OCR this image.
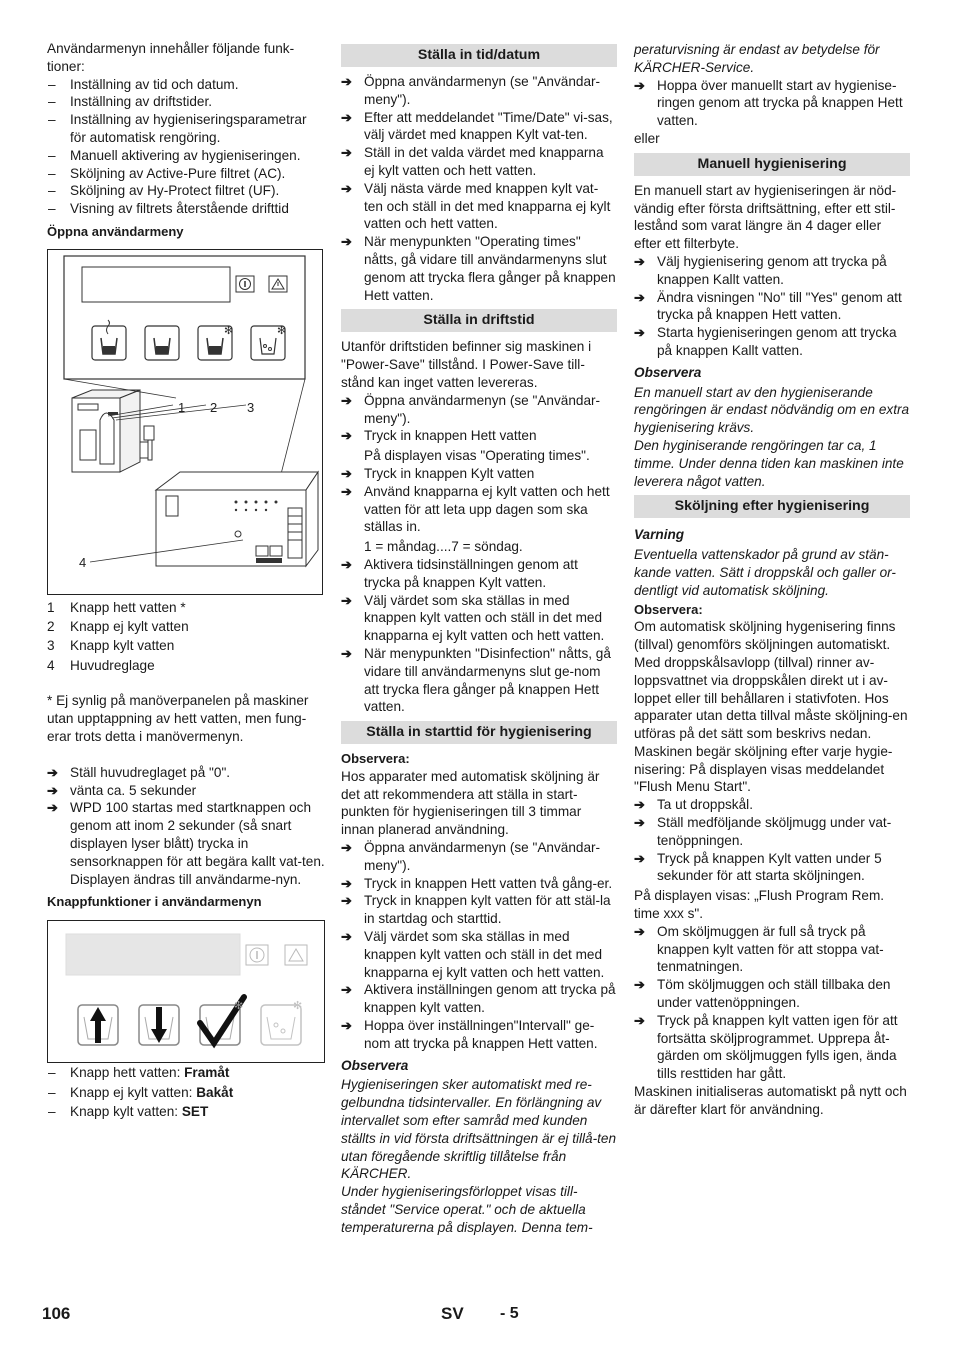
Användarmenyn innehåller följande funk-tioner:

– Inställning av tid och datum.
– Inställning av driftstider.
– Inställning av hygieniseringsparametrar för automatisk rengöring.
– Manuell aktivering av hygieniseringen.
– Sköljning av Active-Pure filtret (AC).
– Sköljning av Hy-Protect filtret (UF).
– Visning av filtrets återstående drifttid
Öppna användarmeny
✻	✻
1 2 3
4
1 Knapp hett vatten *
2 Knapp ej kylt vatten
3 Knapp kylt vatten
4 Huvudreglage

* Ej synlig på manöverpanelen på maskiner utan upptappning av hett vatten, men fung-erar trots detta i manövermenyn.

➔ Ställ huvudreglaget på "0".
➔ vänta ca. 5 sekunder
➔ WPD 100 startas med startknappen och genom att inom 2 sekunder (så snart displayen lyser blått) trycka in sensorknappen för att begära kallt vat-ten. Displayen ändras till användarme-nyn.
Knappfunktioner i användarmenyn
✻	✻
– Knapp hett vatten: Framåt
– Knapp ej kylt vatten: Bakåt
– Knapp kylt vatten: SET
Ställa in tid/datum
➔ Öppna användarmenyn (se "Användar-meny").
➔ Efter att meddelandet "Time/Date" vi-sas, välj värdet med knappen Kylt vat-ten.
➔ Ställ in det valda värdet med knapparna ej kylt vatten och hett vatten.
➔ Välj nästa värde med knappen kylt vat-ten och ställ in det med knapparna ej kylt vatten och hett vatten.
➔ När menypunkten "Operating times" nåtts, gå vidare till användarmenyns slut genom att trycka flera gånger på knappen Hett vatten.
Ställa in driftstid

Utanför driftstiden befinner sig maskinen i "Power-Save" tillstånd. I Power-Save till-stånd kan inget vatten levereras.

➔ Öppna användarmenyn (se "Användar-meny").
➔ Tryck in knappen Hett vatten
På displayen visas "Operating times".
➔ Tryck in knappen Kylt vatten
➔ Använd knapparna ej kylt vatten och hett vatten för att leta upp dagen som ska ställas in.
1 = måndag....7 = söndag.
➔ Aktivera tidsinställningen genom att trycka på knappen Kylt vatten.
➔ Välj värdet som ska ställas in med knappen kylt vatten och ställ in det med knapparna ej kylt vatten och hett vatten.
➔ När menypunkten "Disinfection" nåtts, gå vidare till användarmenyns slut ge-nom att trycka flera gånger på knappen Hett vatten.
Ställa in starttid för hygienisering
Observera:

Hos apparater med automatisk sköljning är det att rekommendera att ställa in start-punkten för hygieniseringen till 3 timmar innan planerad användning.

➔ Öppna användarmenyn (se "Användar-meny").
➔ Tryck in knappen Hett vatten två gång-er.
➔ Tryck in knappen kylt vatten för att stäl-la in startdag och starttid.
➔ Välj värdet som ska ställas in med knappen kylt vatten och ställ in det med knapparna ej kylt vatten och hett vatten.
➔ Aktivera inställningen genom att trycka på knappen kylt vatten.
➔ Hoppa över inställningen"Intervall" ge-nom att trycka på knappen Hett vatten.
Observera

Hygieniseringen sker automatiskt med re-gelbundna tidsintervaller. En förlängning av intervallet som efter samråd med kunden ställts in vid första driftsättningen är ej tillå-ten utan föregående skriftlig tillåtelse från KÄRCHER.

Under hygieniseringsförloppet visas till-ståndet "Service operat." och de aktuella temperaturerna på displayen. Denna tem-

peraturvisning är endast av betydelse för KÄRCHER-Service.

➔ Hoppa över manuellt start av hygienise-ringen genom att trycka på knappen Hett vatten.

eller

Manuell hygienisering

En manuell start av hygieniseringen är nöd-vändig efter första driftsättning, efter ett stil-lestånd som varat längre än 4 dager eller efter ett filterbyte.

➔ Välj hygienisering genom att trycka på knappen Kallt vatten.
➔ Ändra visningen "No" till "Yes" genom att trycka på knappen Hett vatten.
➔ Starta hygieniseringen genom att trycka på knappen Kallt vatten.
Observera

En manuell start av den hygieniserande rengöringen är endast nödvändig om en extra hygienisering krävs.
Den hyginiserande rengöringen tar ca, 1 timme. Under denna tiden kan maskinen inte leverera något vatten.

Sköljning efter hygienisering
Varning

Eventuella vattenskador på grund av stän-kande vatten. Sätt i droppskål och galler or-dentligt vid automatisk sköljning.

Observera:

Om automatisk sköljning hygenisering finns (tillval) genomförs sköljningen automatiskt. Med droppskålsavlopp (tillval) rinner av-loppsvattnet via droppskålen direkt ut i av-loppet eller till behållaren i stativfoten. Hos apparater utan detta tillval måste sköljning-en utföras på det sätt som beskrivs nedan. Maskinen begär sköljning efter varje hygie-nisering: På displayen visas meddelandet "Flush Menu Start".

➔ Ta ut droppskål.
➔ Ställ medföljande sköljmugg under vat-tenöppningen.
➔ Tryck på knappen Kylt vatten under 5 sekunder för att starta sköljningen.

På displayen visas: „Flush Program Rem. time xxx s".

➔ Om sköljmuggen är full så tryck på knappen kylt vatten för att stoppa vat-tenmatningen.
➔ Töm sköljmuggen och ställ tillbaka den under vattenöppningen.
➔ Tryck på knappen kylt vatten igen för att fortsätta sköljprogrammet. Upprepa åt-gärden om sköljmuggen fylls igen, ända tills resttiden har gått.

Maskinen initialiseras automatiskt på nytt och är därefter klart för användning.

106	SV - 5
